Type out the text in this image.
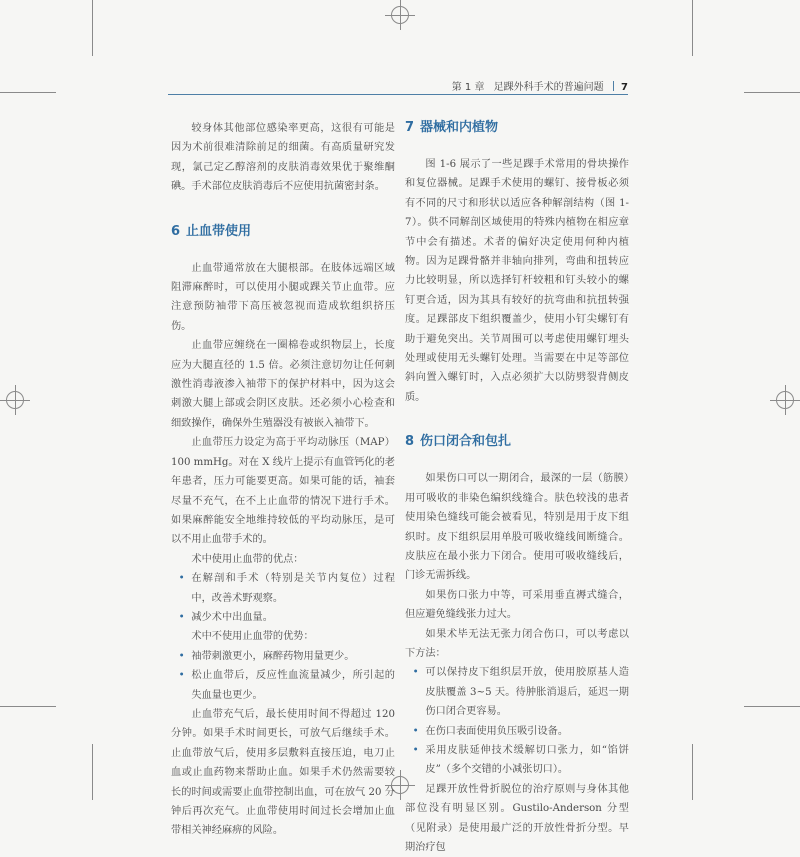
第 1 章 足踝外科手术的普遍问题 7

较身体其他部位感染率更高，这很有可能是因为术前很难清除前足的细菌。有高质量研究发现，氯己定乙醇溶剂的皮肤消毒效果优于聚维酮碘。手术部位皮肤消毒后不应使用抗菌密封条。

6 止血带使用

止血带通常放在大腿根部。在肢体远端区域阻滞麻醉时，可以使用小腿或踝关节止血带。应注意预防袖带下高压被忽视而造成软组织挤压伤。

止血带应缠绕在一圈棉卷或织物层上，长度应为大腿直径的 1.5 倍。必须注意切勿让任何刺激性消毒液渗入袖带下的保护材料中，因为这会刺激大腿上部或会阴区皮肤。还必须小心检查和细致操作，确保外生殖器没有被嵌入袖带下。

止血带压力设定为高于平均动脉压（MAP）100 mmHg。对在 X 线片上提示有血管钙化的老年患者，压力可能要更高。如果可能的话，袖套尽量不充气，在不上止血带的情况下进行手术。如果麻醉能安全地维持较低的平均动脉压，是可以不用止血带手术的。

术中使用止血带的优点：

• 在解剖和手术（特别是关节内复位）过程中，改善术野观察。

• 减少术中出血量。

术中不使用止血带的优势：

• 袖带刺激更小，麻醉药物用量更少。

• 松止血带后，反应性血流量减少，所引起的失血量也更少。

止血带充气后，最长使用时间不得超过 120 分钟。如果手术时间更长，可放气后继续手术。止血带放气后，使用多层敷料直接压迫，电刀止血或止血药物来帮助止血。如果手术仍然需要较长的时间或需要止血带控制出血，可在放气 20 分钟后再次充气。止血带使用时间过长会增加止血带相关神经麻痹的风险。

7 器械和内植物

图 1-6 展示了一些足踝手术常用的骨块操作和复位器械。足踝手术使用的螺钉、接骨板必须有不同的尺寸和形状以适应各种解剖结构（图 1-7）。供不同解剖区域使用的特殊内植物在相应章节中会有描述。术者的偏好决定使用何种内植物。因为足踝骨骼并非轴向排列，弯曲和扭转应力比较明显，所以选择钉杆较粗和钉头较小的螺钉更合适，因为其具有较好的抗弯曲和抗扭转强度。足踝部皮下组织覆盖少，使用小钉尖螺钉有助于避免突出。关节周围可以考虑使用螺钉埋头处理或使用无头螺钉处理。当需要在中足等部位斜向置入螺钉时，入点必须扩大以防劈裂背侧皮质。

8 伤口闭合和包扎

如果伤口可以一期闭合，最深的一层（筋膜）用可吸收的非染色编织线缝合。肤色较浅的患者使用染色缝线可能会被看见，特别是用于皮下组织时。皮下组织层用单股可吸收缝线间断缝合。皮肤应在最小张力下闭合。使用可吸收缝线后，门诊无需拆线。

如果伤口张力中等，可采用垂直褥式缝合，但应避免缝线张力过大。

如果术毕无法无张力闭合伤口，可以考虑以下方法：

• 可以保持皮下组织层开放，使用胶原基人造皮肤覆盖 3~5 天。待肿胀消退后，延迟一期伤口闭合更容易。

• 在伤口表面使用负压吸引设备。

• 采用皮肤延伸技术缓解切口张力，如“馅饼皮”（多个交错的小减张切口）。

足踝开放性骨折脱位的治疗原则与身体其他部位没有明显区别。Gustilo-Anderson 分型（见附录）是使用最广泛的开放性骨折分型。早期治疗包
